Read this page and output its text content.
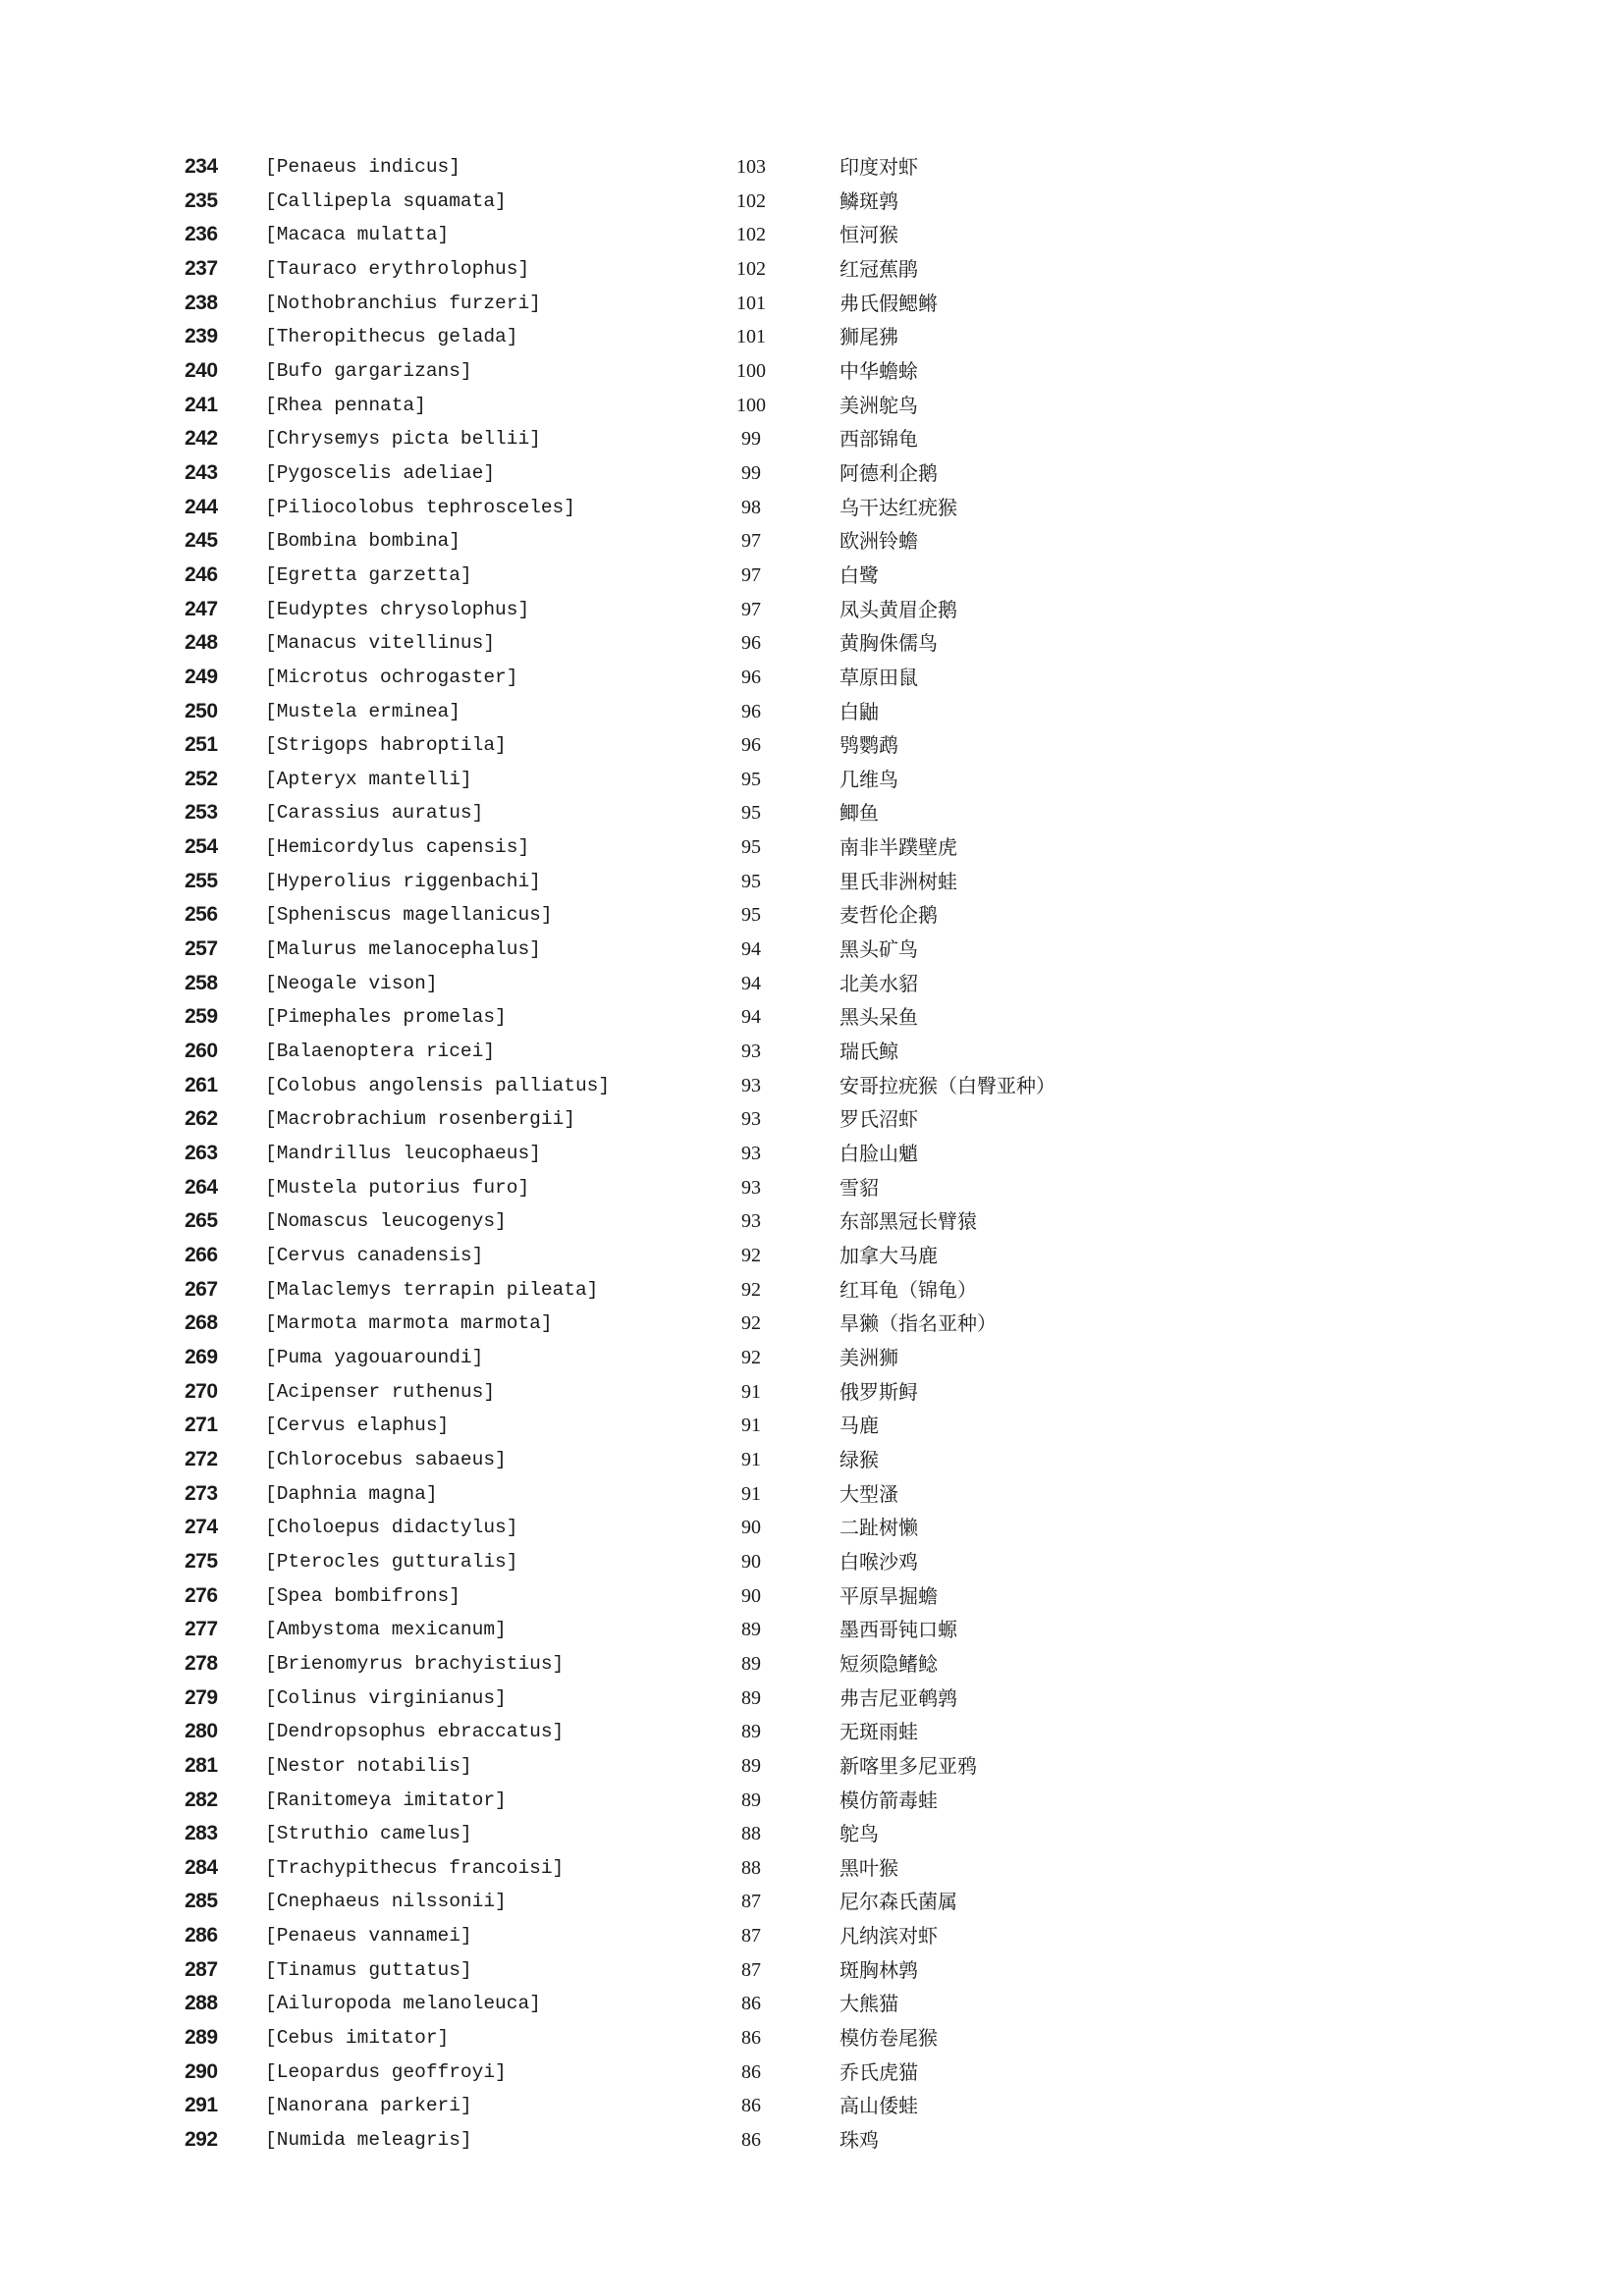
234 [Penaeus indicus]	103	印度对虾
235 [Callipepla squamata]	102	鳞斑鹑
236 [Macaca mulatta]	102	恒河猴
237 [Tauraco erythrolophus]	102	红冠蕉鹃
238 [Nothobranchius furzeri]	101	弗氏假鳃鳉
239 [Theropithecus gelada]	101	狮尾狒
240 [Bufo gargarizans]	100	中华蟾蜍
241 [Rhea pennata]	100	美洲鸵鸟
242 [Chrysemys picta bellii]	99	西部锦龟
243 [Pygoscelis adeliae]	99	阿德利企鹅
244 [Piliocolobus tephrosceles]	98	乌干达红疣猴
245 [Bombina bombina]	97	欧洲铃蟾
246 [Egretta garzetta]	97	白鹭
247 [Eudyptes chrysolophus]	97	凤头黄眉企鹅
248 [Manacus vitellinus]	96	黄胸侏儒鸟
249 [Microtus ochrogaster]	96	草原田鼠
250 [Mustela erminea]	96	白鼬
251 [Strigops habroptila]	96	鸮鹦鹉
252 [Apteryx mantelli]	95	几维鸟
253 [Carassius auratus]	95	鲫鱼
254 [Hemicordylus capensis]	95	南非半蹼壁虎
255 [Hyperolius riggenbachi]	95	里氏非洲树蛙
256 [Spheniscus magellanicus]	95	麦哲伦企鹅
257 [Malurus melanocephalus]	94	黑头矿鸟
258 [Neogale vison]	94	北美水貂
259 [Pimephales promelas]	94	黑头呆鱼
260 [Balaenoptera ricei]	93	瑞氏鲸
261 [Colobus angolensis palliatus]	93	安哥拉疣猴（白臀亚种）
262 [Macrobrachium rosenbergii]	93	罗氏沼虾
263 [Mandrillus leucophaeus]	93	白脸山魈
264 [Mustela putorius furo]	93	雪貂
265 [Nomascus leucogenys]	93	东部黑冠长臂猿
266 [Cervus canadensis]	92	加拿大马鹿
267 [Malaclemys terrapin pileata]	92	红耳龟（锦龟）
268 [Marmota marmota marmota]	92	旱獭（指名亚种）
269 [Puma yagouaroundi]	92	美洲狮
270 [Acipenser ruthenus]	91	俄罗斯鲟
271 [Cervus elaphus]	91	马鹿
272 [Chlorocebus sabaeus]	91	绿猴
273 [Daphnia magna]	91	大型溞
274 [Choloepus didactylus]	90	二趾树懒
275 [Pterocles gutturalis]	90	白喉沙鸡
276 [Spea bombifrons]	90	平原旱掘蟾
277 [Ambystoma mexicanum]	89	墨西哥钝口螈
278 [Brienomyrus brachyistius]	89	短须隐鳍鲶
279 [Colinus virginianus]	89	弗吉尼亚鹌鹑
280 [Dendropsophus ebraccatus]	89	无斑雨蛙
281 [Nestor notabilis]	89	新喀里多尼亚鸦
282 [Ranitomeya imitator]	89	模仿箭毒蛙
283 [Struthio camelus]	88	鸵鸟
284 [Trachypithecus francoisi]	88	黑叶猴
285 [Cnephaeus nilssonii]	87	尼尔森氏菌属
286 [Penaeus vannamei]	87	凡纳滨对虾
287 [Tinamus guttatus]	87	斑胸林鹑
288 [Ailuropoda melanoleuca]	86	大熊猫
289 [Cebus imitator]	86	模仿卷尾猴
290 [Leopardus geoffroyi]	86	乔氏虎猫
291 [Nanorana parkeri]	86	高山倭蛙
292 [Numida meleagris]	86	珠鸡
